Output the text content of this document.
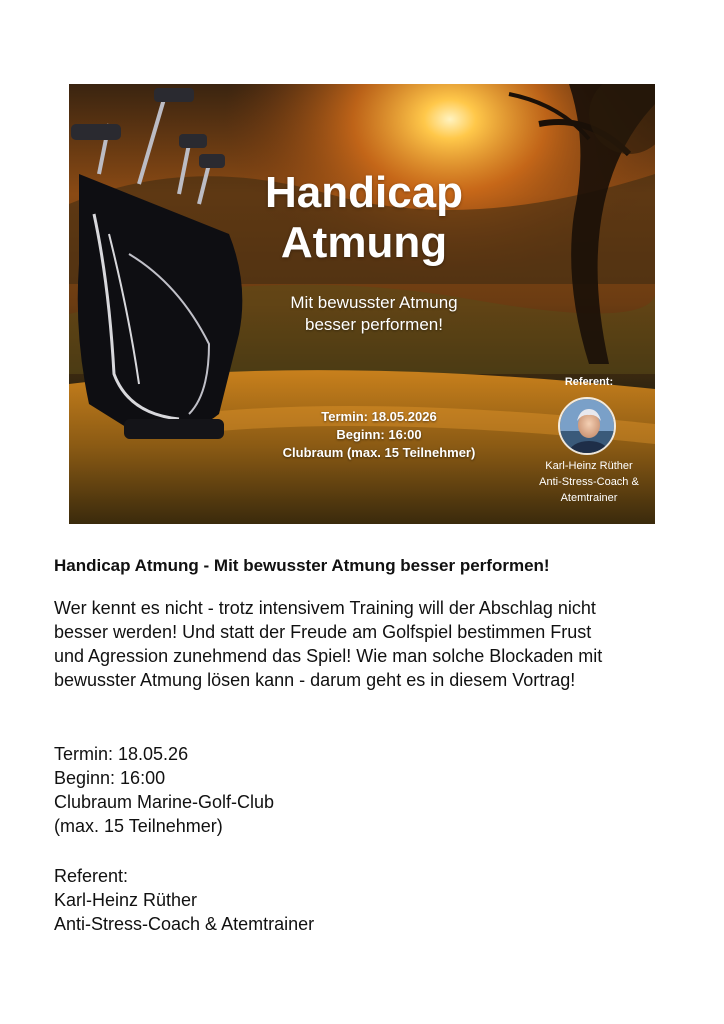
Handicap
Atmung
Mit bewusster Atmung
besser performen!
Termin: 18.05.2026
Beginn: 16:00
Clubraum (max. 15 Teilnehmer)
Referent:
Karl-Heinz Rüther
Anti-Stress-Coach &
Atemtrainer
Handicap Atmung - Mit bewusster Atmung besser performen!
Wer kennt es nicht - trotz intensivem Training will der Abschlag nicht
besser werden! Und statt der Freude am Golfspiel bestimmen Frust
und Agression zunehmend das Spiel! Wie man solche Blockaden mit
bewusster Atmung lösen kann - darum geht es in diesem Vortrag!
Termin: 18.05.26
Beginn: 16:00
Clubraum Marine-Golf-Club
(max. 15 Teilnehmer)
Referent:
Karl-Heinz Rüther
Anti-Stress-Coach & Atemtrainer
